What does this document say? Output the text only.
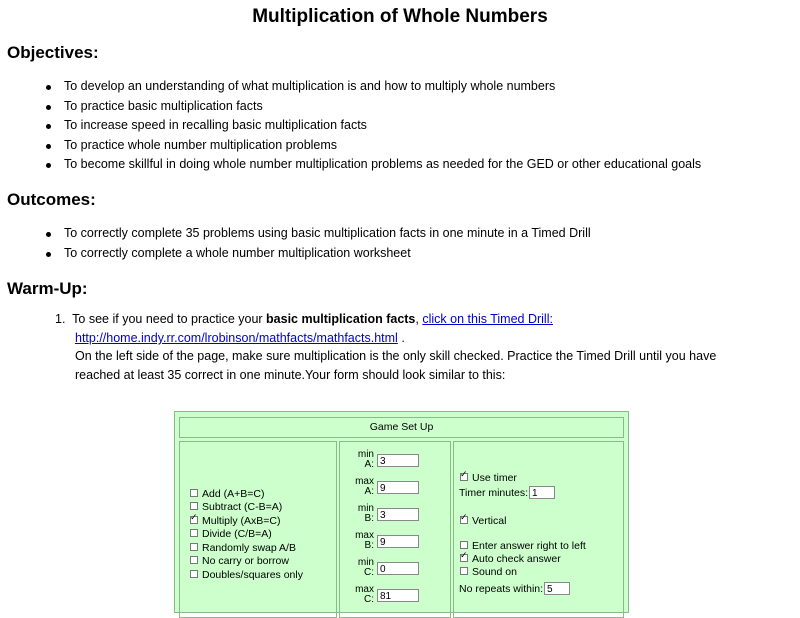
Multiplication of Whole Numbers
Objectives:
To develop an understanding of what multiplication is and how to multiply whole numbers
To practice basic multiplication facts
To increase speed in recalling basic multiplication facts
To practice whole number multiplication problems
To become skillful in doing whole number multiplication problems as needed for the GED or other educational goals
Outcomes:
To correctly complete 35 problems using basic multiplication facts in one minute in a Timed Drill
To correctly complete a whole number multiplication worksheet
Warm-Up:
1. To see if you need to practice your basic multiplication facts, click on this Timed Drill:
http://home.indy.rr.com/lrobinson/mathfacts/mathfacts.html .
On the left side of the page, make sure multiplication is the only skill checked. Practice the Timed Drill until you have
reached at least 35 correct in one minute.Your form should look similar to this:
Game Set Up
Add (A+B=C)
Subtract (C-B=A)
✓Multiply (AxB=C)
Divide (C/B=A)
Randomly swap A/B
No carry or borrow
Doubles/squares only
min
A: 3
max
A: 9
min
B: 3
max
B: 9
min
C: 0
max
C: 81
✓Use timer
Timer minutes: 1
✓Vertical
Enter answer right to left
✓Auto check answer
Sound on
No repeats within: 5
